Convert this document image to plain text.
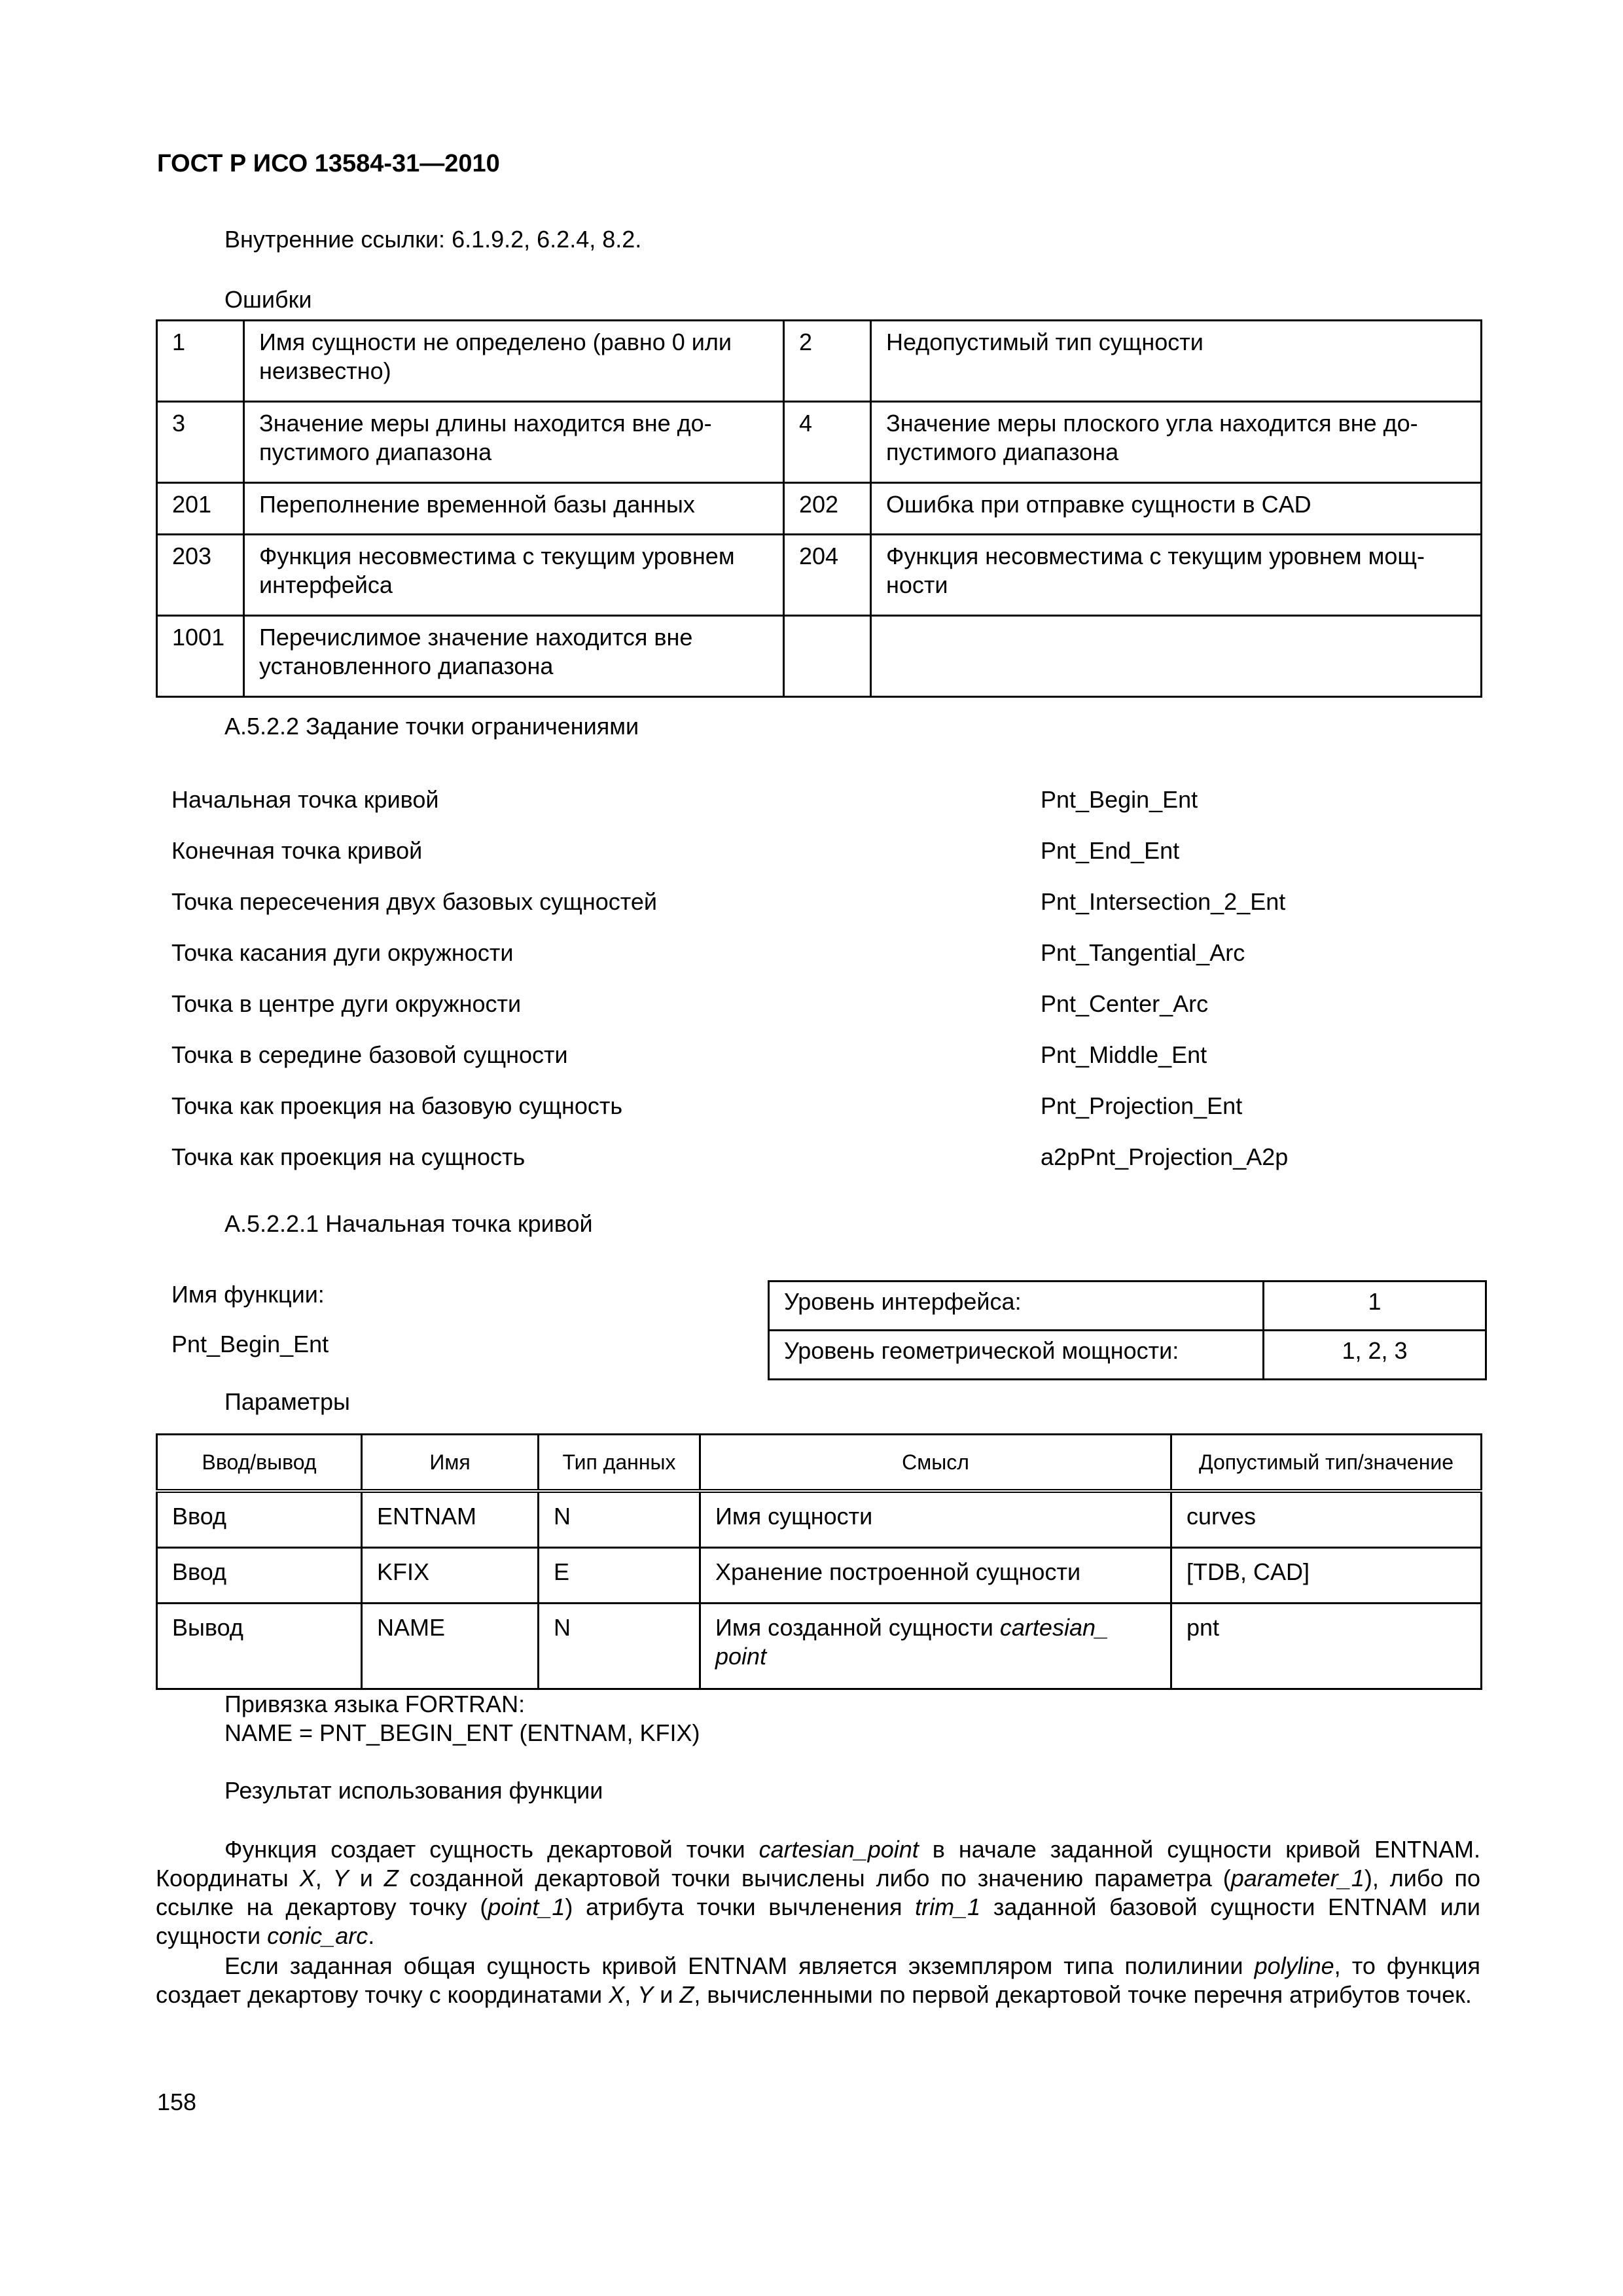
ГОСТ Р ИСО 13584-31—2010
Внутренние ссылки: 6.1.9.2, 6.2.4, 8.2.
Ошибки
1	Имя сущности не определено (равно 0 или неизвестно)	2	Недопустимый тип сущности
3	Значение меры длины находится вне до-пустимого диапазона	4	Значение меры плоского угла находится вне до-пустимого диапазона
201	Переполнение временной базы данных	202	Ошибка при отправке сущности в CAD
203	Функция несовместима с текущим уровнем интерфейса	204	Функция несовместима с текущим уровнем мощ-ности
1001	Перечислимое значение находится вне установленного диапазона		
А.5.2.2 Задание точки ограничениями
Начальная точка кривой	Pnt_Begin_Ent
Конечная точка кривой	Pnt_End_Ent
Точка пересечения двух базовых сущностей	Pnt_Intersection_2_Ent
Точка касания дуги окружности	Pnt_Tangential_Arc
Точка в центре дуги окружности	Pnt_Center_Arc
Точка в середине базовой сущности	Pnt_Middle_Ent
Точка как проекция на базовую сущность	Pnt_Projection_Ent
Точка как проекция на сущность	a2pPnt_Projection_A2p
А.5.2.2.1 Начальная точка кривой
Имя функции:
Pnt_Begin_Ent
Уровень интерфейса:	1
Уровень геометрической мощности:	1, 2, 3
Параметры
Ввод/вывод	Имя	Тип данных	Смысл	Допустимый тип/значение
Ввод	ENTNAM	N	Имя сущности	curves
Ввод	KFIX	E	Хранение построенной сущности	[TDB, CAD]
Вывод	NAME	N	Имя созданной сущности cartesian_ point	pnt
Привязка языка FORTRAN:
NAME = PNT_BEGIN_ENT (ENTNAM, KFIX)
Результат использования функции
Функция создает сущность декартовой точки cartesian_point в начале заданной сущности кривой ENTNAM. Координаты X, Y и Z созданной декартовой точки вычислены либо по значению параметра (parameter_1), либо по ссылке на декартову точку (point_1) атрибута точки вычленения trim_1 заданной базовой сущности ENTNAM или сущности conic_arc.
Если заданная общая сущность кривой ENTNAM является экземпляром типа полилинии polyline, то функция создает декартову точку с координатами X, Y и Z, вычисленными по первой декартовой точке перечня атрибутов точек.
158
